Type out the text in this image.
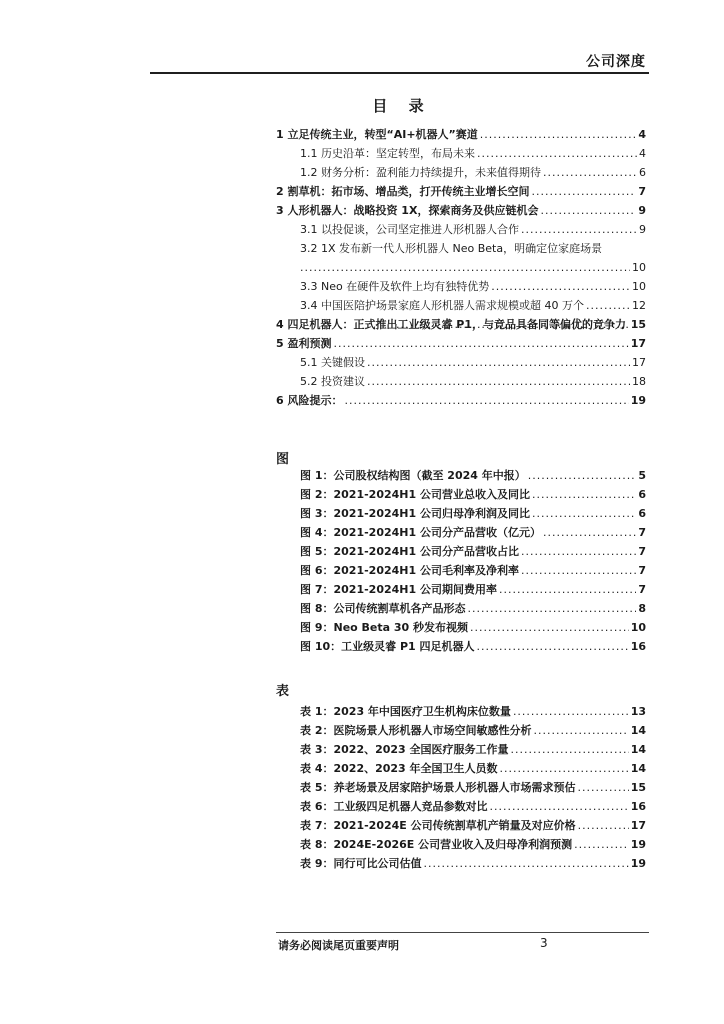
公司深度
目 录
1 立足传统主业，转型“AI+机器人”赛道 .....	4
1.1 历史沿革：坚定转型，布局未来 .....	4
1.2 财务分析：盈利能力持续提升，未来值得期待 .....	6
2 割草机：拓市场、增品类，打开传统主业增长空间 .....	7
3 人形机器人：战略投资 1X，探索商务及供应链机会 .....	9
3.1 以投促谈，公司坚定推进人形机器人合作 .....	9
3.2 1X 发布新一代人形机器人 Neo Beta，明确定位家庭场景
.....
10
3.3 Neo 在硬件及软件上均有独特优势 .....	10
3.4 中国医陪护场景家庭人形机器人需求规模或超 40 万个 .....	12
4 四足机器人：正式推出工业级灵睿 P1，与竞品具备同等偏优的竞争力 ..... 15
5 盈利预测 .....	17
5.1 关键假设 .....	17
5.2 投资建议 .....	18
6 风险提示： .....	19
图
图 1：公司股权结构图（截至 2024 年中报） .....	5
图 2：2021-2024H1 公司营业总收入及同比 .....	6
图 3：2021-2024H1 公司归母净利润及同比 .....	6
图 4：2021-2024H1 公司分产品营收（亿元） .....	7
图 5：2021-2024H1 公司分产品营收占比 .....	7
图 6：2021-2024H1 公司毛利率及净利率 .....	7
图 7：2021-2024H1 公司期间费用率 .....	7
图 8：公司传统割草机各产品形态 .....	8
图 9：Neo Beta 30 秒发布视频 .....	10
图 10：工业级灵睿 P1 四足机器人 .....	16
表
表 1：2023 年中国医疗卫生机构床位数量 .....	13
表 2：医院场景人形机器人市场空间敏感性分析 .....	14
表 3：2022、2023 全国医疗服务工作量 .....	14
表 4：2022、2023 年全国卫生人员数 .....	14
表 5：养老场景及居家陪护场景人形机器人市场需求预估 .....	15
表 6：工业级四足机器人竞品参数对比 .....	16
表 7：2021-2024E 公司传统割草机产销量及对应价格 .....	17
表 8：2024E-2026E 公司营业收入及归母净利润预测 .....	19
表 9：同行可比公司估值 .....	19
请务必阅读尾页重要声明	3
